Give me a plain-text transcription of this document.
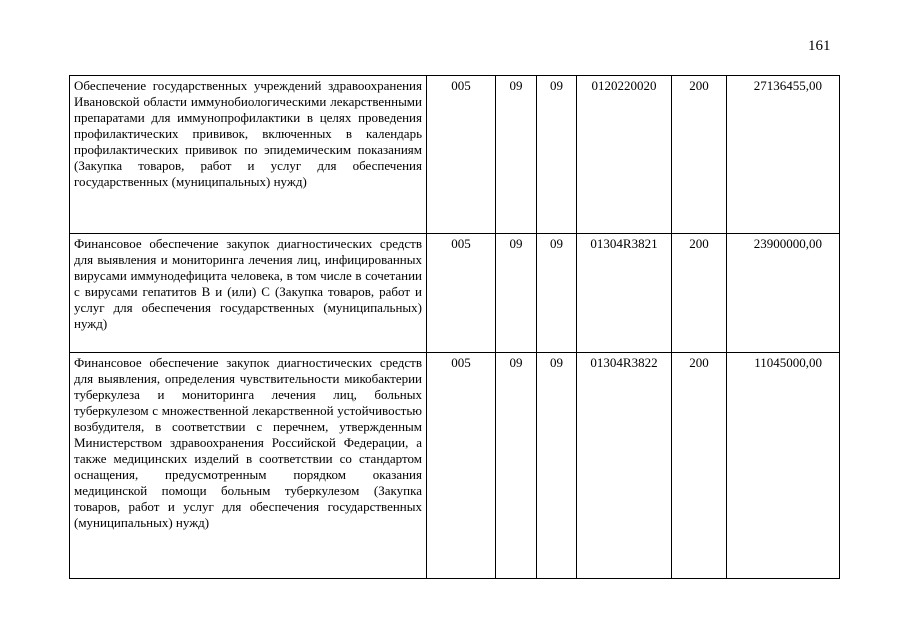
161
Обеспечение государственных учреждений здравоохранения Ивановской области иммунобиологическими лекарственными препаратами для иммунопрофилактики в целях проведения профилактических прививок, включенных в календарь профилактических прививок по эпидемическим показаниям (Закупка товаров, работ и услуг для обеспечения государственных (муниципальных) нужд)	005	09	09	0120220020	200	27136455,00
Финансовое обеспечение закупок диагностических средств для выявления и мониторинга лечения лиц, инфицированных вирусами иммунодефицита человека, в том числе в сочетании с вирусами гепатитов В и (или) С (Закупка товаров, работ и услуг для обеспечения государственных (муниципальных) нужд)	005	09	09	01304R3821	200	23900000,00
Финансовое обеспечение закупок диагностических средств для выявления, определения чувствительности микобактерии туберкулеза и мониторинга лечения лиц, больных туберкулезом с множественной лекарственной устойчивостью возбудителя, в соответствии с перечнем, утвержденным Министерством здравоохранения Российской Федерации, а также медицинских изделий в соответствии со стандартом оснащения, предусмотренным порядком оказания медицинской помощи больным туберкулезом (Закупка товаров, работ и услуг для обеспечения государственных (муниципальных) нужд)	005	09	09	01304R3822	200	11045000,00
